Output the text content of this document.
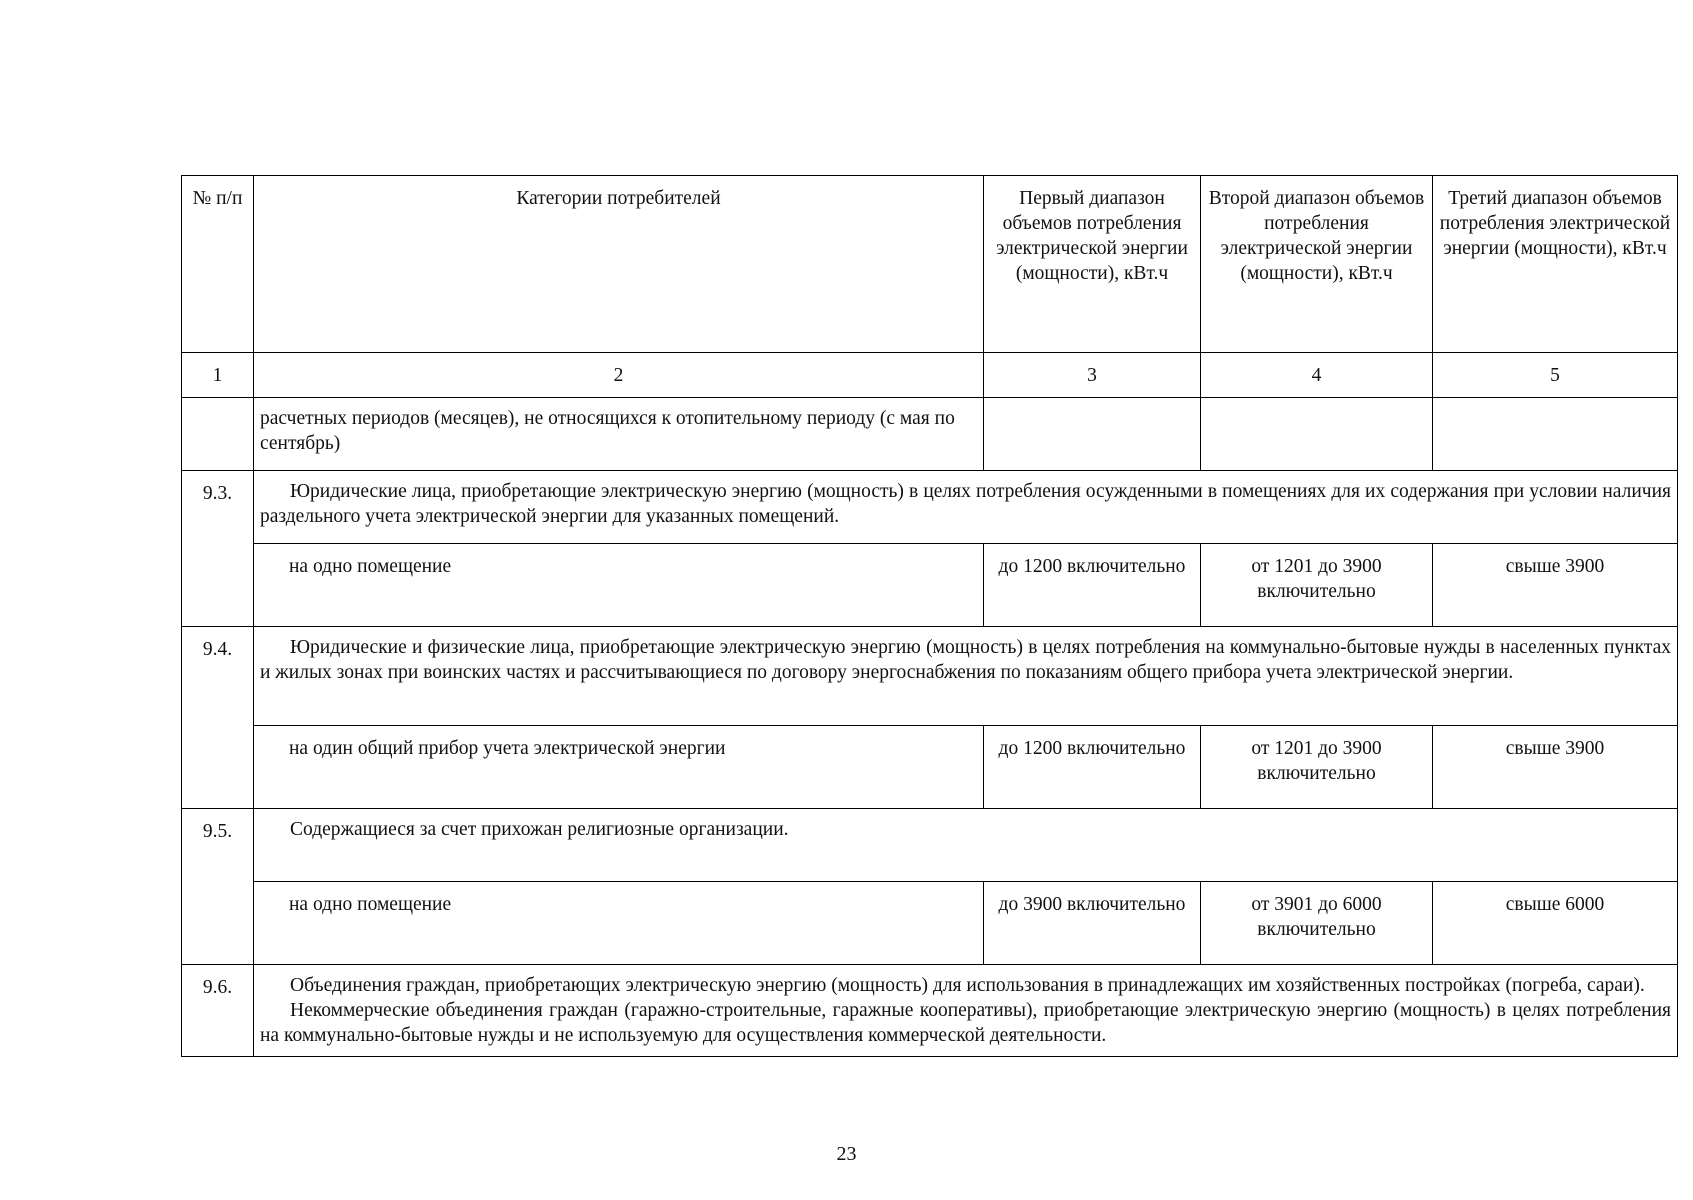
№ п/п	Категории потребителей	Первый диапазон объемов потребления электрической энергии (мощности), кВт.ч	Второй диапазон объемов потребления электрической энергии (мощности), кВт.ч	Третий диапазон объемов потребления электрической энергии (мощности), кВт.ч
1	2	3	4	5
	расчетных периодов (месяцев), не относящихся к отопительному периоду (с мая по сентябрь)			
9.3.	Юридические лица, приобретающие электрическую энергию (мощность) в целях потребления осужденными в помещениях для их содержания при условии наличия раздельного учета электрической энергии для указанных помещений.			

	на одно помещение	до 1200 включительно	от 1201 до 3900 включительно	свыше 3900
9.4.	Юридические и физические лица, приобретающие электрическую энергию (мощность) в целях потребления на коммунально-бытовые нужды в населенных пунктах и жилых зонах при воинских частях и рассчитывающиеся по договору энергоснабжения по показаниям общего прибора учета электрической энергии.			

	на один общий прибор учета электрической энергии	до 1200 включительно	от 1201 до 3900 включительно	свыше 3900
9.5.	Содержащиеся за счет прихожан религиозные организации.			

	на одно помещение	до 3900 включительно	от 3901 до 6000 включительно	свыше 6000
9.6.	Объединения граждан, приобретающих электрическую энергию (мощность) для использования в принадлежащих им хозяйственных постройках (погреба, сараи).

Некоммерческие объединения граждан (гаражно-строительные, гаражные кооперативы), приобретающие электрическую энергию (мощность) в целях потребления на коммунально-бытовые нужды и не используемую для осуществления коммерческой деятельности.			

23
